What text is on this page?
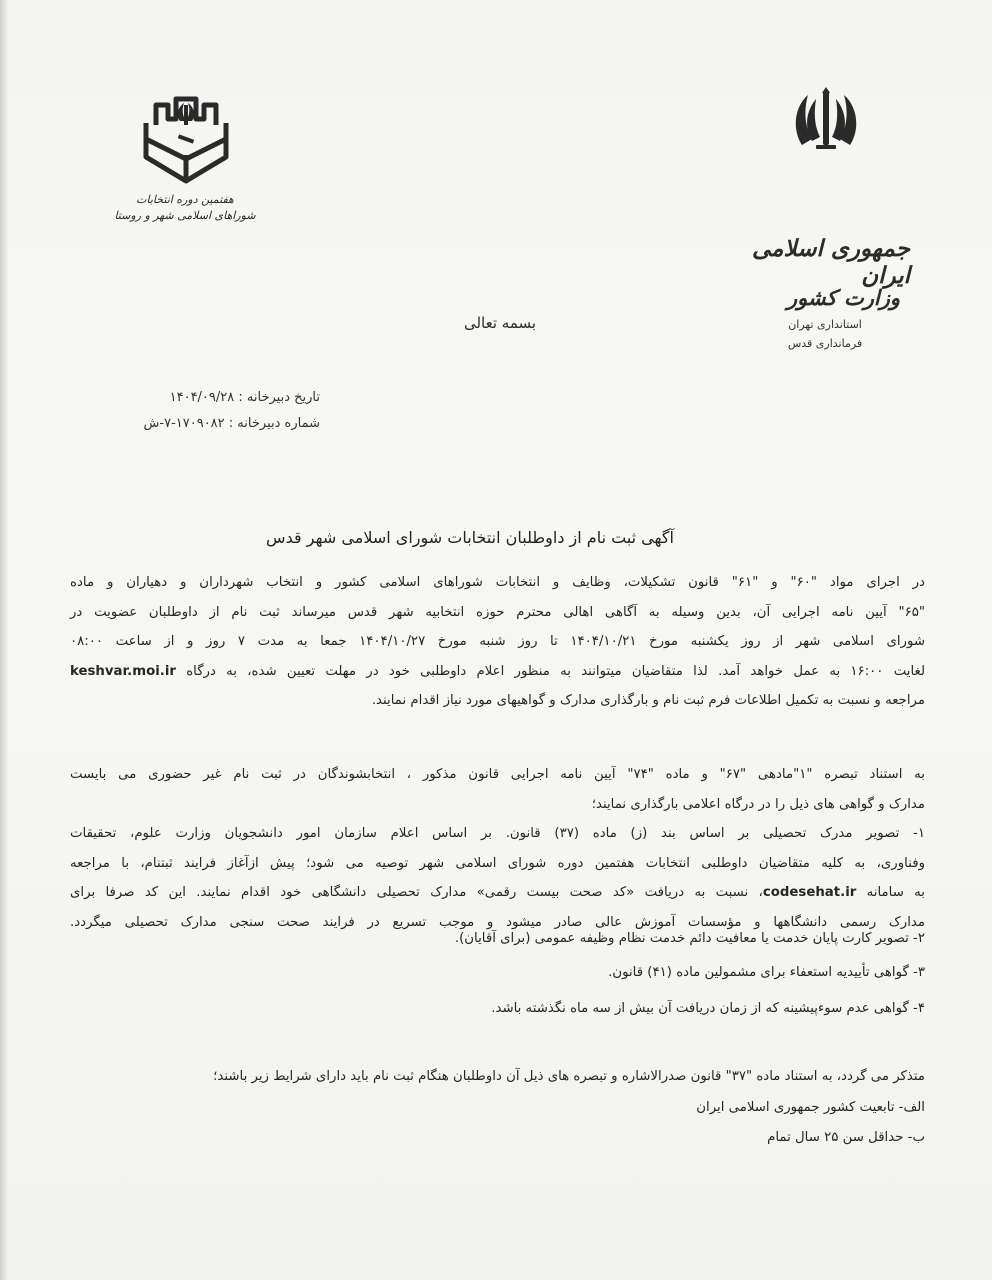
جمهوری اسلامی ایران
وزارت کشور
استانداری تهران
فرمانداری قدس
هفتمین دوره انتخابات
شوراهای اسلامی شهر و روستا
بسمه تعالی
تاریخ دبیرخانه : ۱۴۰۴/۰۹/۲۸
شماره دبیرخانه : ۱۷۰۹۰۸۲-۷-ش
آگهی ثبت نام از داوطلبان انتخابات شورای اسلامی شهر قدس
در اجرای مواد "۶۰" و "۶۱" قانون تشکیلات، وظایف و انتخابات شوراهای اسلامی کشور و انتخاب شهرداران و دهیاران و ماده
"۶۵" آیین نامه اجرایی آن، بدین وسیله به آگاهی اهالی محترم حوزه انتخابیه شهر قدس میرساند ثبت نام از داوطلبان عضویت در
شورای اسلامی شهر از روز یکشنبه مورخ ۱۴۰۴/۱۰/۲۱ تا روز شنبه مورخ ۱۴۰۴/۱۰/۲۷ جمعا به مدت ۷ روز و از ساعت ۰۸:۰۰
لغایت ۱۶:۰۰ به عمل خواهد آمد. لذا متقاضیان میتوانند به منظور اعلام داوطلبی خود در مهلت تعیین شده، به درگاه keshvar.moi.ir
مراجعه و نسبت به تکمیل اطلاعات فرم ثبت نام و بارگذاری مدارک و گواهیهای مورد نیاز اقدام نمایند.
به استناد تبصره "۱"مادهی "۶۷" و ماده "۷۴" آیین نامه اجرایی قانون مذکور ، انتخابشوندگان در ثبت نام غیر حضوری می بایست
مدارک و گواهی های ذیل را در درگاه اعلامی بارگذاری نمایند؛
۱- تصویر مدرک تحصیلی بر اساس بند (ز) ماده (۳۷) قانون. بر اساس اعلام سازمان امور دانشجویان وزارت علوم، تحقیقات
وفناوری، به کلیه متقاضیان داوطلبی انتخابات هفتمین دوره شورای اسلامی شهر توصیه می شود؛ پیش ازآغاز فرایند ثبتنام، با مراجعه
به سامانه codesehat.ir، نسبت به دریافت «کد صحت بیست رقمی» مدارک تحصیلی دانشگاهی خود اقدام نمایند. این کد صرفا برای
مدارک رسمی دانشگاهها و مؤسسات آموزش عالی صادر میشود و موجب تسریع در فرایند صحت سنجی مدارک تحصیلی میگردد.
۲- تصویر کارت پایان خدمت یا معافیت دائم خدمت نظام وظیفه عمومی (برای آقایان).
۳- گواهی تأییدیه استعفاء برای مشمولین ماده (۴۱) قانون.
۴- گواهی عدم سوءپیشینه که از زمان دریافت آن بیش از سه ماه نگذشته باشد.
متذکر می گردد، به استناد ماده "۳۷" قانون صدرالاشاره و تبصره های ذیل آن داوطلبان هنگام ثبت نام باید دارای شرایط زیر باشند؛
الف- تابعیت کشور جمهوری اسلامی ایران
ب- حداقل سن ۲۵ سال تمام
